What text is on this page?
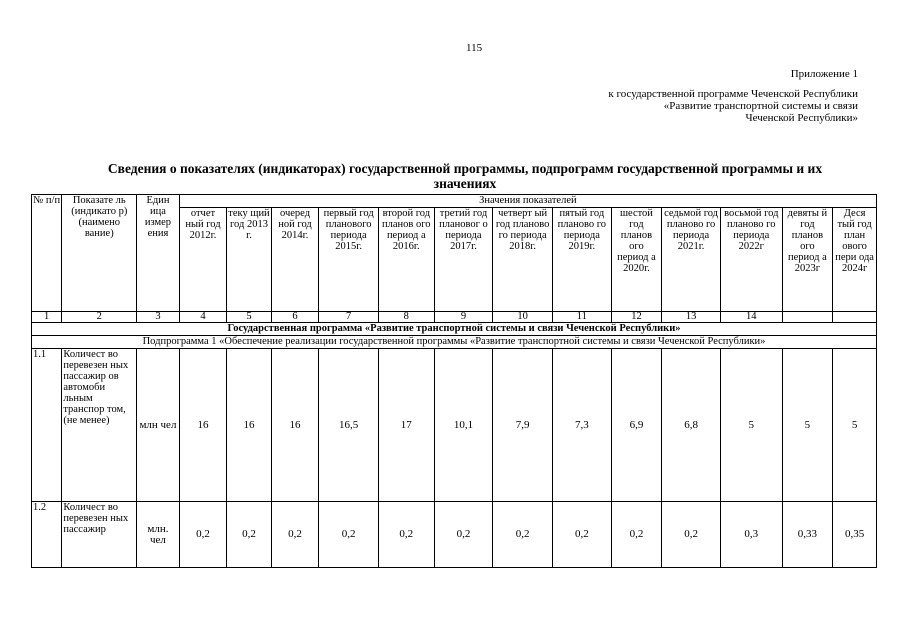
115
Приложение 1
к государственной программе Чеченской Республики
«Развитие транспортной системы и связи
Чеченской Республики»
Сведения о показателях (индикаторах) государственной программы, подпрограмм государственной программы и их значениях
№ п/п	Показате ль (индикато р) (наимено вание)	Един ица измер ения	Значения показателей												
			отчет ный год 2012г.	теку щий год 2013 г.	очеред ной год 2014г.	первый год планового периода 2015г.	второй год планов ого период а 2016г.	третий год плановог о периода 2017г.	четверт ый год планово го периода 2018г.	пятый год планово го периода 2019г.	шестой год планов ого период а 2020г.	седьмой год планово го периода 2021г.	восьмой год планово го периода 2022г	девяты й год планов ого период а 2023г	Деся тый год план ового пери ода 2024г
1	2	3	4	5	6	7	8	9	10	11	12	13	14		
Государственная программа «Развитие транспортной системы и связи Чеченской Республики»															
Подпрограмма 1 «Обеспечение реализации государственной программы «Развитие транспортной системы и связи Чеченской Республики»															
1.1	Количест во перевезен ных пассажир ов автомоби льным транспор том, (не менее)	млн чел	16	16	16	16,5	17	10,1	7,9	7,3	6,9	6,8	5	5	5
1.2	Количест во перевезен ных пассажир	млн. чел	0,2	0,2	0,2	0,2	0,2	0,2	0,2	0,2	0,2	0,2	0,3	0,33	0,35
